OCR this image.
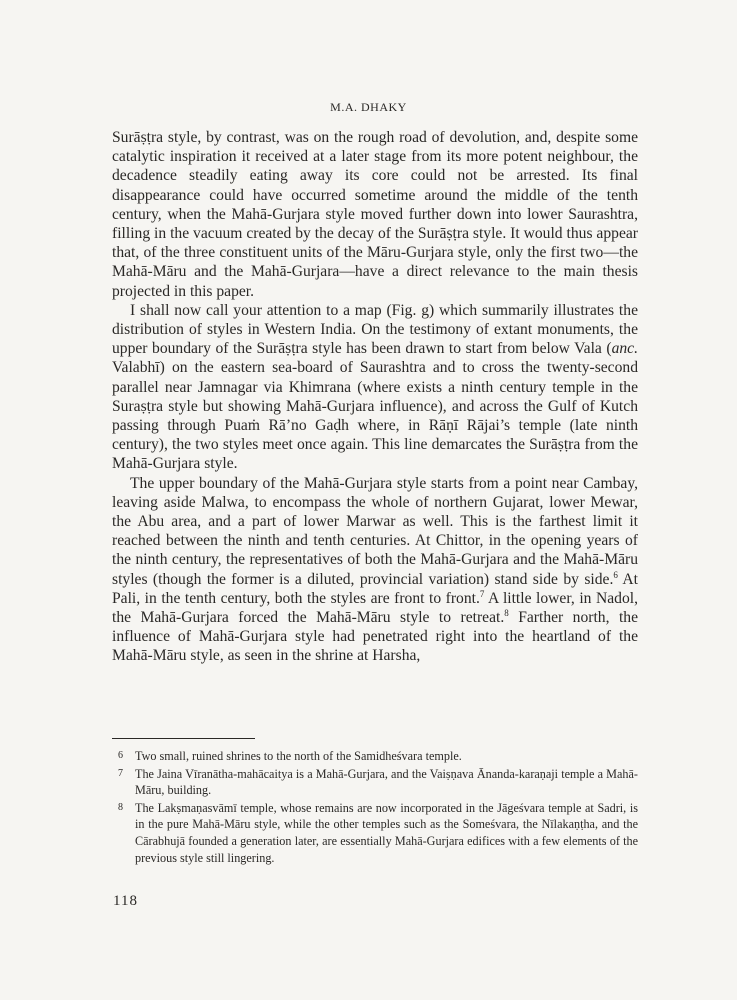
M.A. DHAKY

Surāṣṭra style, by contrast, was on the rough road of devolution, and, despite some catalytic inspiration it received at a later stage from its more potent neighbour, the decadence steadily eating away its core could not be arrested. Its final disappearance could have occurred sometime around the middle of the tenth century, when the Mahā-Gurjara style moved further down into lower Saurashtra, filling in the vacuum created by the decay of the Surāṣṭra style. It would thus appear that, of the three constituent units of the Māru-Gurjara style, only the first two—the Mahā-Māru and the Mahā-Gurjara—have a direct relevance to the main thesis projected in this paper.

I shall now call your attention to a map (Fig. g) which summarily illustrates the distribution of styles in Western India. On the testimony of extant monuments, the upper boundary of the Surāṣṭra style has been drawn to start from below Vala (anc. Valabhī) on the eastern sea-board of Saurashtra and to cross the twenty-second parallel near Jamnagar via Khimrana (where exists a ninth century temple in the Suraṣṭra style but showing Mahā-Gurjara influence), and across the Gulf of Kutch passing through Puaṁ Rā’no Gaḍh where, in Rāṇī Rājai’s temple (late ninth century), the two styles meet once again. This line demarcates the Surāṣṭra from the Mahā-Gurjara style.

The upper boundary of the Mahā-Gurjara style starts from a point near Cambay, leaving aside Malwa, to encompass the whole of northern Gujarat, lower Mewar, the Abu area, and a part of lower Marwar as well. This is the farthest limit it reached between the ninth and tenth centuries. At Chittor, in the opening years of the ninth century, the representatives of both the Mahā-Gurjara and the Mahā-Māru styles (though the former is a diluted, provincial variation) stand side by side.$^6$ At Pali, in the tenth century, both the styles are front to front.$^7$ A little lower, in Nadol, the Mahā-Gurjara forced the Mahā-Māru style to retreat.$^8$ Farther north, the influence of Mahā-Gurjara style had penetrated right into the heartland of the Mahā-Māru style, as seen in the shrine at Harsha,

6 Two small, ruined shrines to the north of the Samidheśvara temple.
7 The Jaina Vīranātha-mahācaitya is a Mahā-Gurjara, and the Vaiṣṇava Ānanda-karaṇaji temple a Mahā-Māru, building.
8 The Lakṣmaṇasvāmī temple, whose remains are now incorporated in the Jāgeśvara temple at Sadri, is in the pure Mahā-Māru style, while the other temples such as the Someśvara, the Nīlakaṇṭha, and the Cārabhujā founded a generation later, are essentially Mahā-Gurjara edifices with a few elements of the previous style still lingering.
118
